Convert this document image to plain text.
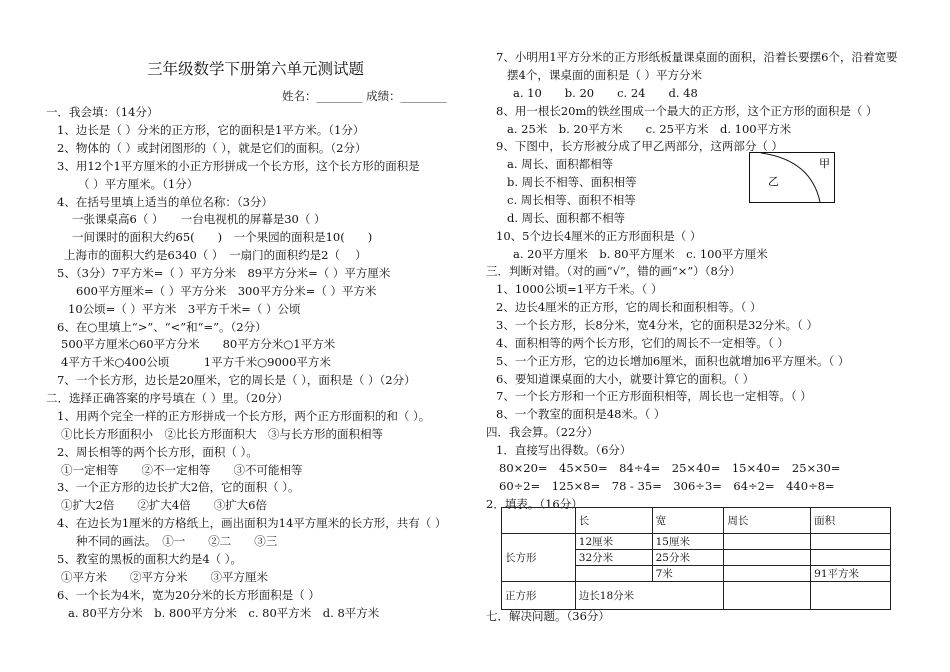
三年级数学下册第六单元测试题
姓名：________ 成绩：________
一．我会填：（14分）
1、边长是（ ）分米的正方形，它的面积是1平方米。（1分）
2、物体的（ ）或封闭图形的（ ），就是它们的面积。（2分）
3、用12个1平方厘米的小正方形拼成一个长方形，这个长方形的面积是
（ ）平方厘米。（1分）
4、在括号里填上适当的单位名称：（3分）
一张课桌高6（ ）　　一台电视机的屏幕是30（ ）
一间课时的面积大约65(　　)　一个果园的面积是10(　　)
上海市的面积大约是6340（ ）　一扇门的面积约是2（　 ）
5、（3分）7平方米=（ ）平方分米　89平方分米=（ ）平方厘米
600平方厘米=（ ）平方分米　300平方分米=（ ）平方米
10公顷=（ ）平方米　3平方千米=（ ）公顷
6、在○里填上“>”、“<”和“=”。（2分）
500平方厘米○60平方分米　　80平方分米○1平方米
4平方千米○400公顷　　　1平方千米○9000平方米
7、一个长方形，边长是20厘米，它的周长是（ ），面积是（ ）（2分）
二．选择正确答案的序号填在（ ）里。（20分）
1、用两个完全一样的正方形拼成一个长方形，两个正方形面积的和（ ）。
①比长方形面积小　②比长方形面积大　③与长方形的面积相等
2、周长相等的两个长方形，面积（ ）。
①一定相等　　②不一定相等　　③不可能相等
3、一个正方形的边长扩大2倍，它的面积（ ）。
①扩大2倍　　②扩大4倍　　③扩大6倍
4、在边长为1厘米的方格纸上，画出面积为14平方厘米的长方形，共有（ ）
种不同的画法。　①一　　②二　　③三
5、教室的黑板的面积大约是4（ ）。
①平方米　　②平方分米　　③平方厘米
6、一个长为4米，宽为20分米的长方形面积是（ ）
a. 80平方分米　b. 800平方分米　c. 80平方米　d. 8平方米
7、小明用1平方分米的正方形纸板量课桌面的面积，沿着长要摆6个，沿着宽要
摆4个，课桌面的面积是（ ）平方分米
a. 10　　b. 20　　c. 24　　d. 48
8、用一根长20m的铁丝围成一个最大的正方形，这个正方形的面积是（ ）
a. 25米　b. 20平方米　　c. 25平方米　d. 100平方米
9、下图中，长方形被分成了甲乙两部分，这两部分（ ）
a. 周长、面积都相等
b. 周长不相等、面积相等
c. 周长相等、面积不相等
d. 周长、面积都不相等
10、5个边长4厘米的正方形面积是（ ）
a. 20平方厘米　b. 80平方厘米　c. 100平方厘米
三．判断对错。（对的画“√”，错的画“×”）（8分）
1、1000公顷=1平方千米。（ ）
2、边长4厘米的正方形，它的周长和面积相等。（ ）
3、一个长方形，长8分米，宽4分米，它的面积是32分米。（ ）
4、面积相等的两个长方形，它们的周长不一定相等。（ ）
5、一个正方形，它的边长增加6厘米，面积也就增加6平方厘米。（ ）
6、要知道课桌面的大小，就要计算它的面积。（ ）
7、一个长方形和一个正方形面积相等，周长也一定相等。（ ）
8、一个教室的面积是48米。（ ）
四．我会算。（22分）
1．直接写出得数。（6分）
80×20=　45×50=　84÷4=　25×40=　15×40=　25×30=
60÷2=　125×8=　78 - 35=　306÷3=　64÷2=　440÷8=
2．填表。（16分）
甲
乙
	长	宽	周长	面积
长方形	12厘米	15厘米		
	32分米	25分米		
		7米		91平方米
正方形	边长18分米			
七．解决问题。（36分）
